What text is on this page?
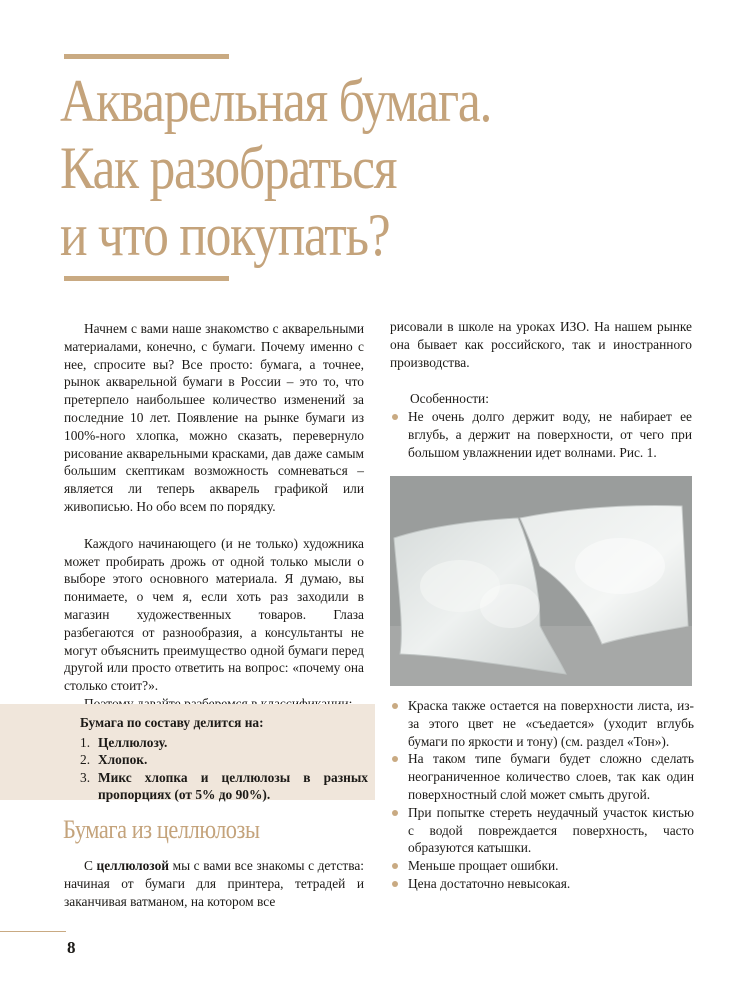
Акварельная бумага.
Как разобраться
и что покупать?

Начнем с вами наше знакомство с акварельными материалами, конечно, с бумаги. Почему именно с нее, спросите вы? Все просто: бумага, а точнее, рынок акварельной бумаги в России – это то, что претерпело наибольшее количество изменений за последние 10 лет. Появление на рынке бумаги из 100%-ного хлопка, можно сказать, перевернуло рисование акварельными красками, дав даже самым большим скептикам возможность сомневаться – является ли теперь акварель графикой или живописью. Но обо всем по порядку.

Каждого начинающего (и не только) художника может пробирать дрожь от одной только мысли о выборе этого основного материала. Я думаю, вы понимаете, о чем я, если хоть раз заходили в магазин художественных товаров. Глаза разбегаются от разнообразия, а консультанты не могут объяснить преимущество одной бумаги перед другой или просто ответить на вопрос: «почему она столько стоит?».

Бумага по составу делится на:

1. Целлюлозу.
2. Хлопок.
3. Микс хлопка и целлюлозы в разных пропорциях (от 5% до 90%).
Бумага из целлюлозы

С целлюлозой мы с вами все знакомы с детства: начиная от бумаги для принтера, тетрадей и заканчивая ватманом, на котором все

рисовали в школе на уроках ИЗО. На нашем рынке она бывает как российского, так и иностранного производства.

Особенности:

Не очень долго держит воду, не набирает ее вглубь, а держит на поверхности, от чего при большом увлажнении идет волнами. Рис. 1.
Краска также остается на поверхности листа, из-за этого цвет не «съедается» (уходит вглубь бумаги по яркости и тону) (см. раздел «Тон»).
На таком типе бумаги будет сложно сделать неограниченное количество слоев, так как один поверхностный слой может смыть другой.
При попытке стереть неудачный участок кистью с водой повреждается поверхность, часто образуются катышки.
Меньше прощает ошибки.
Цена достаточно невысокая.
8
